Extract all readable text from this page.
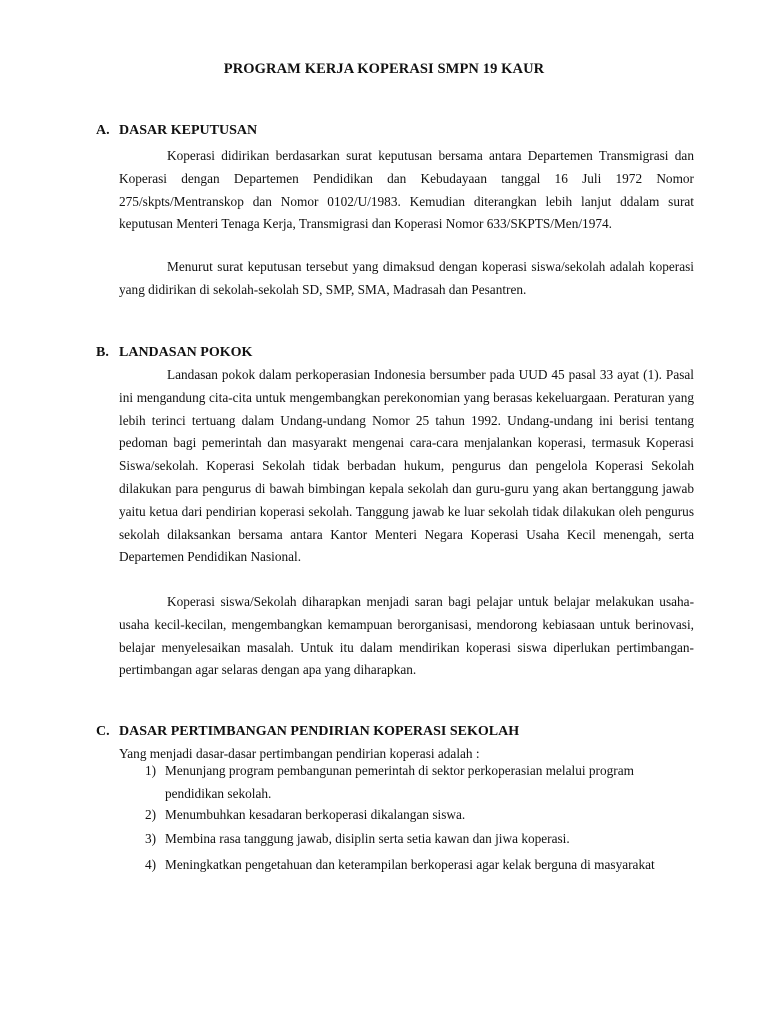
PROGRAM KERJA KOPERASI SMPN 19 KAUR
A. DASAR KEPUTUSAN

Koperasi didirikan berdasarkan surat keputusan bersama antara Departemen Transmigrasi dan Koperasi dengan Departemen Pendidikan dan Kebudayaan tanggal 16 Juli 1972 Nomor 275/skpts/Mentranskop dan Nomor 0102/U/1983. Kemudian diterangkan lebih lanjut ddalam surat keputusan Menteri Tenaga Kerja, Transmigrasi dan Koperasi Nomor 633/SKPTS/Men/1974.

Menurut surat keputusan tersebut yang dimaksud dengan koperasi siswa/sekolah adalah koperasi yang didirikan di sekolah-sekolah SD, SMP, SMA, Madrasah dan Pesantren.

B. LANDASAN POKOK

Landasan pokok dalam perkoperasian Indonesia bersumber pada UUD 45 pasal 33 ayat (1). Pasal ini mengandung cita-cita untuk mengembangkan perekonomian yang berasas kekeluargaan. Peraturan yang lebih terinci tertuang dalam Undang-undang Nomor 25 tahun 1992. Undang-undang ini berisi tentang pedoman bagi pemerintah dan masyarakt mengenai cara-cara menjalankan koperasi, termasuk Koperasi Siswa/sekolah. Koperasi Sekolah tidak berbadan hukum, pengurus dan pengelola Koperasi Sekolah dilakukan para pengurus di bawah bimbingan kepala sekolah dan guru-guru yang akan bertanggung jawab yaitu ketua dari pendirian koperasi sekolah. Tanggung jawab ke luar sekolah tidak dilakukan oleh pengurus sekolah dilaksankan bersama antara Kantor Menteri Negara Koperasi Usaha Kecil menengah, serta Departemen Pendidikan Nasional.

Koperasi siswa/Sekolah diharapkan menjadi saran bagi pelajar untuk belajar melakukan usaha-usaha kecil-kecilan, mengembangkan kemampuan berorganisasi, mendorong kebiasaan untuk berinovasi, belajar menyelesaikan masalah. Untuk itu dalam mendirikan koperasi siswa diperlukan pertimbangan- pertimbangan agar selaras dengan apa yang diharapkan.

C. DASAR PERTIMBANGAN PENDIRIAN KOPERASI SEKOLAH
Yang menjadi dasar-dasar pertimbangan pendirian koperasi adalah :
1) Menunjang program pembangunan pemerintah di sektor perkoperasian melalui program pendidikan sekolah.
2) Menumbuhkan kesadaran berkoperasi dikalangan siswa.
3) Membina rasa tanggung jawab, disiplin serta setia kawan dan jiwa koperasi.
4) Meningkatkan pengetahuan dan keterampilan berkoperasi agar kelak berguna di masyarakat
